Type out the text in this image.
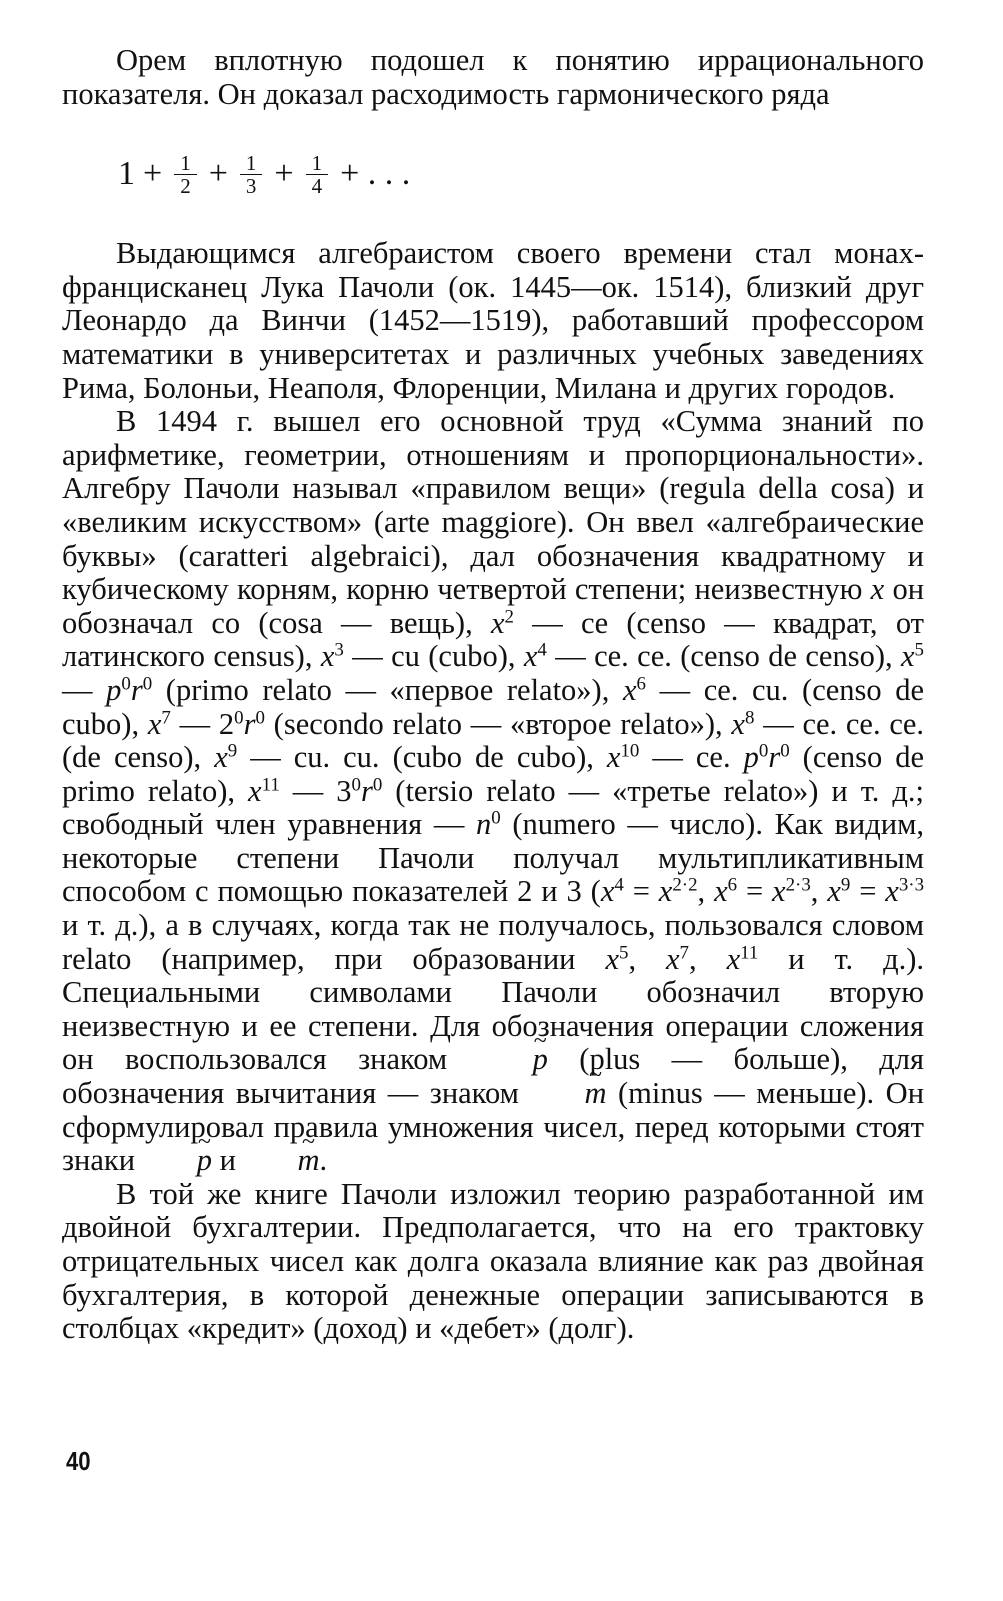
Орем вплотную подошел к понятию иррационального показателя. Он доказал расходимость гармонического ряда

$1 + \frac{1}{2} + \frac{1}{3} + \frac{1}{4}$ + . . .

Выдающимся алгебраистом своего времени стал монах-францисканец Лука Пачоли (ок. 1445—ок. 1514), близкий друг Леонардо да Винчи (1452—1519), работавший профессором математики в университетах и различных учебных заведениях Рима, Болоньи, Неаполя, Флоренции, Милана и других городов.

В 1494 г. вышел его основной труд «Сумма знаний по арифметике, геометрии, отношениям и пропорциональности». Алгебру Пачоли называл «правилом вещи» (regula della cosa) и «великим искусством» (arte maggiore). Он ввел «алгебраические буквы» (caratteri algebraici), дал обозначения квадратному и кубическому корням, корню четвертой степени; неизвестную x он обозначал co (cosa — вещь), $x^2$ — ce (censo — квадрат, от латинского census), $x^3$ — cu (cubo), $x^4$ — ce. ce. (censo de censo), $x^5$ — $p^0r^0$ (primo relato — «первое relato»), $x^6$ — ce. cu. (censo de cubo), $x^7$ — $2^0r^0$ (secondo relato — «второе relato»), $x^8$ — ce. ce. ce. (de censo), $x^9$ — cu. cu. (cubo de cubo), $x^{10}$ — ce. $p^0r^0$ (censo de primo relato), $x^{11}$ — $3^0r^0$ (tersio relato — «третье relato») и т. д.; свободный член уравнения — $n^0$ (numero — число). Как видим, некоторые степени Пачоли получал мультипликативным способом с помощью показателей 2 и 3 ($x^4 = x^{2\cdot 2}$, $x^6 = x^{2\cdot 3}$, $x^9 = x^{3\cdot 3}$ и т. д.), а в случаях, когда так не получалось, пользовался словом relato (например, при образовании $x^5$, $x^7$, $x^{11}$ и т. д.). Специальными символами Пачоли обозначил вторую неизвестную и ее степени. Для обозначения операции сложения он воспользовался знаком	~ p (plus — больше), для обозначения вычитания — знаком ~ m (minus — меньше). Он сформулировал правила умножения чисел, перед которыми стоят знаки ~ p и ~ m.

В той же книге Пачоли изложил теорию разработанной им двойной бухгалтерии. Предполагается, что на его трактовку отрицательных чисел как долга оказала влияние как раз двойная бухгалтерия, в которой денежные операции записываются в столбцах «кредит» (доход) и «дебет» (долг).

40
